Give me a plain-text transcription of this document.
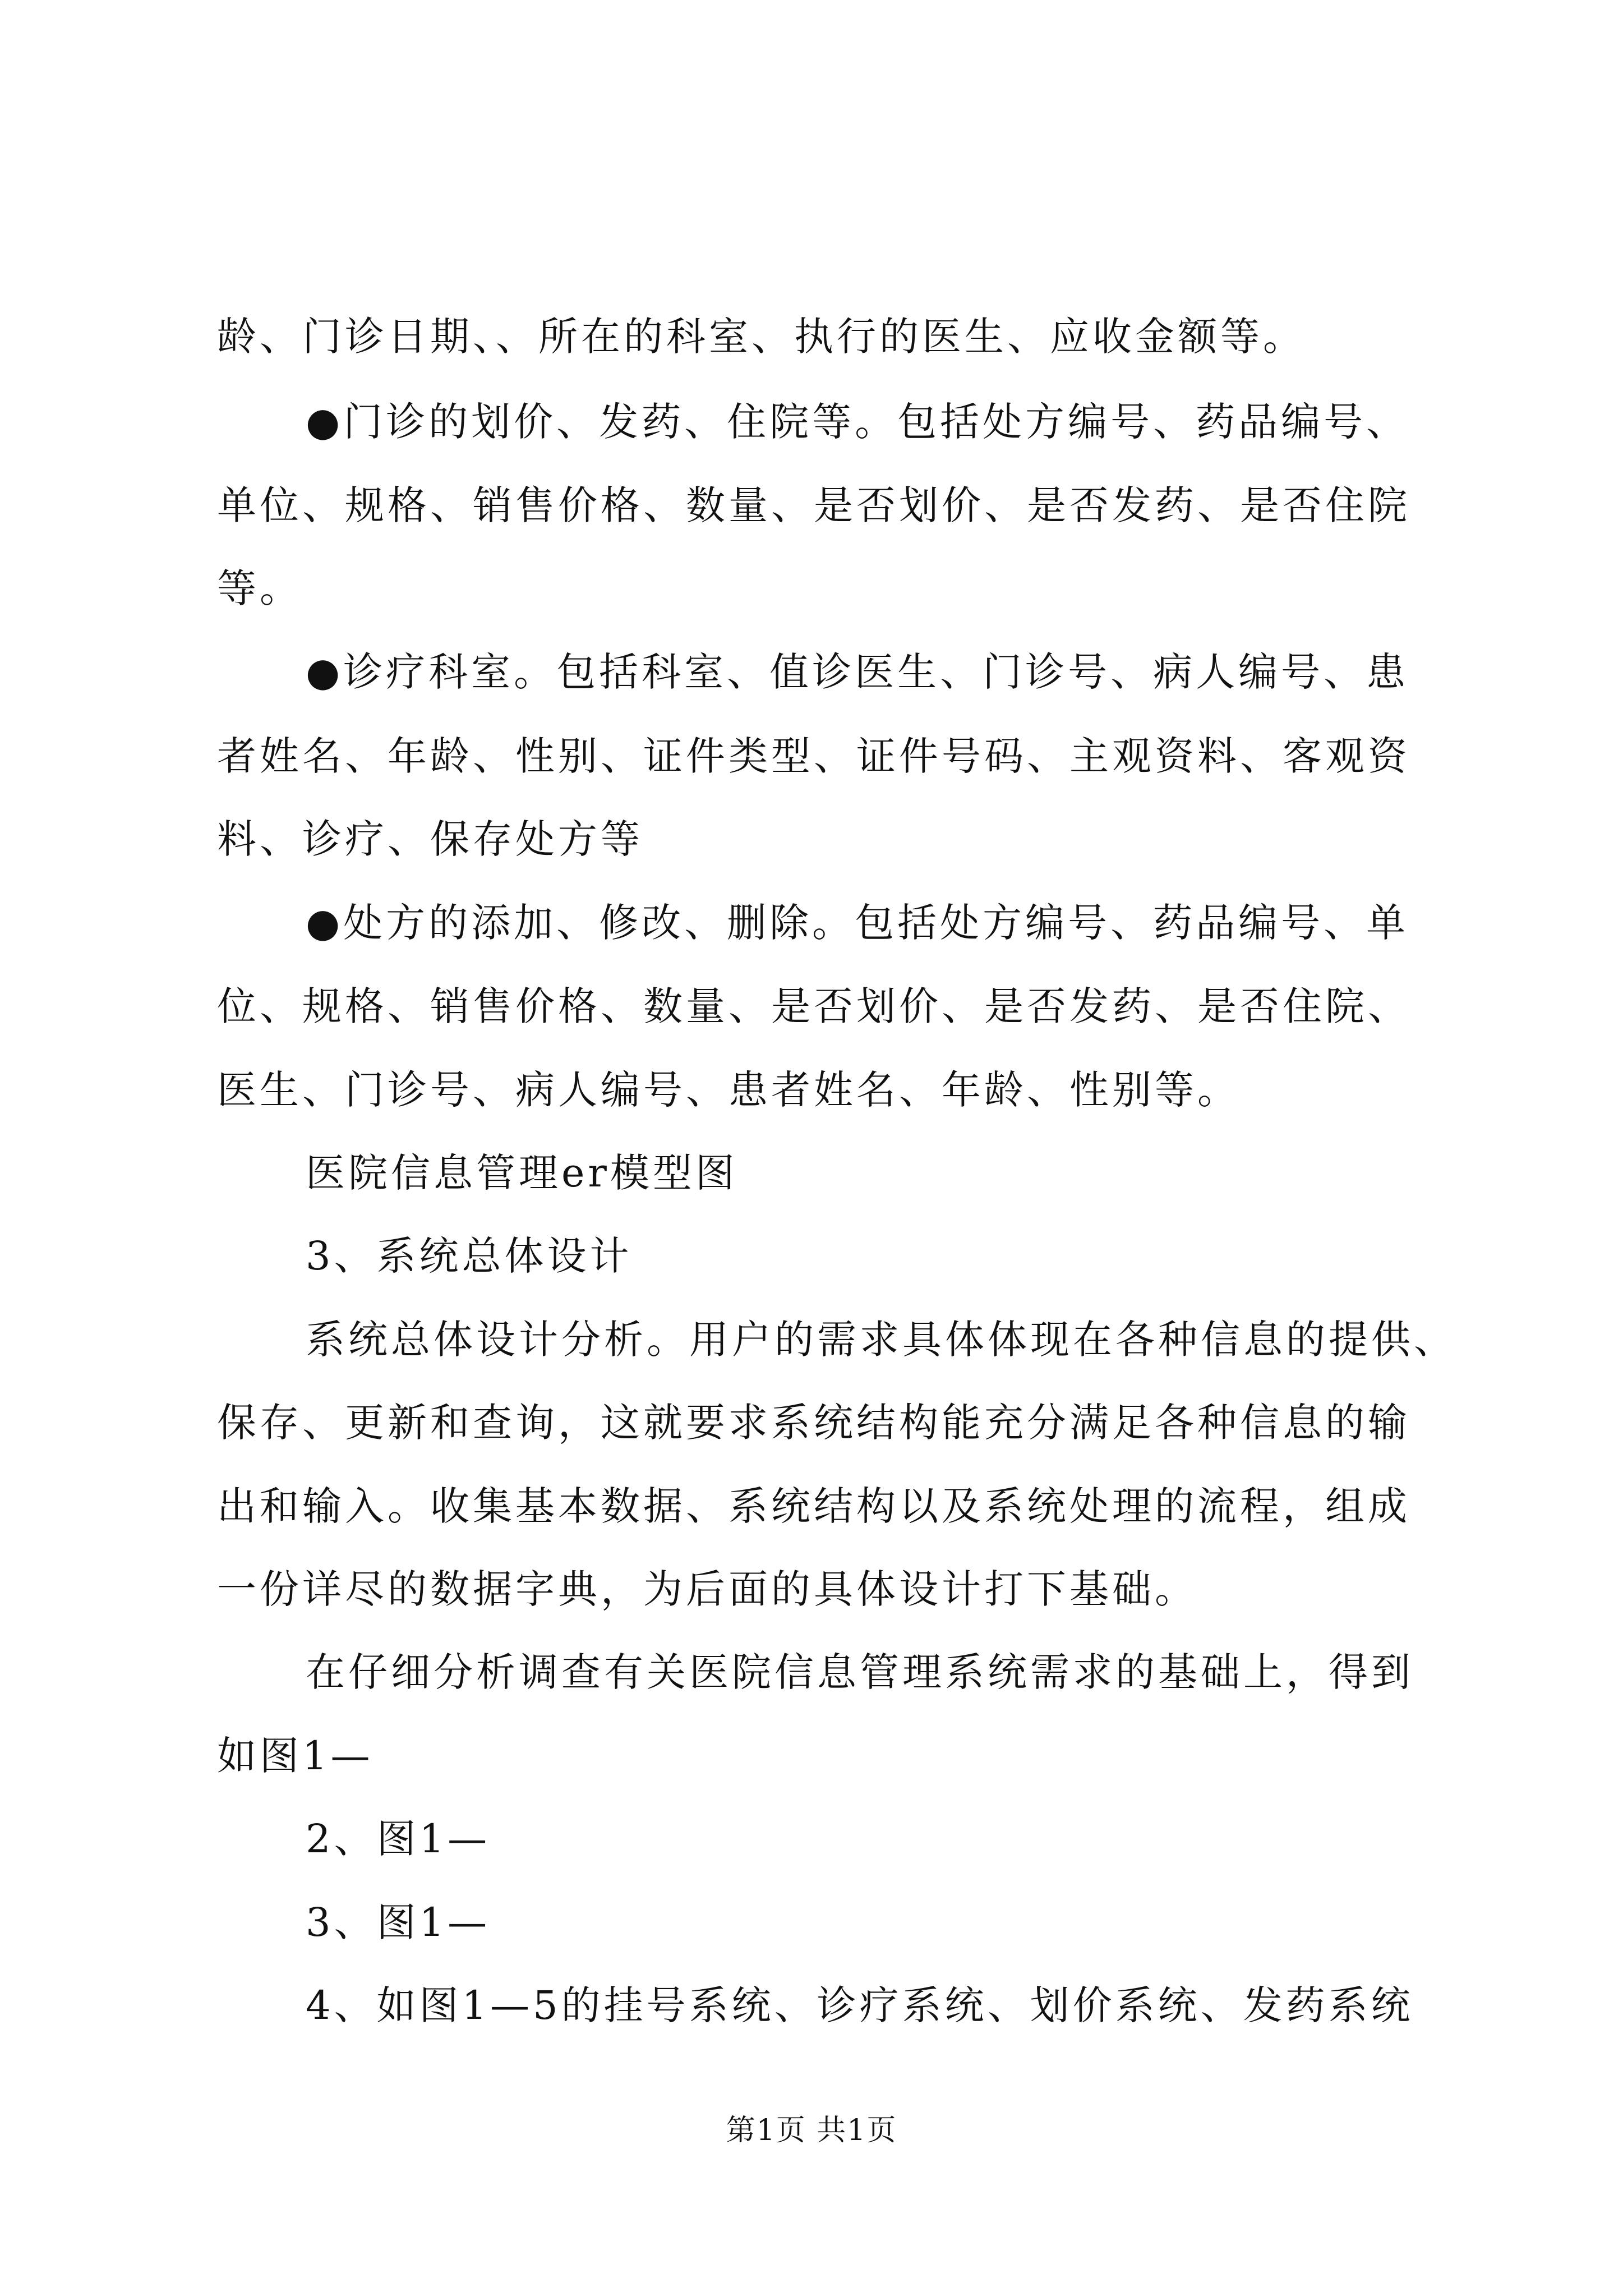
龄、门诊日期、、所在的科室、执行的医生、应收金额等。
●门诊的划价、发药、住院等。包括处方编号、药品编号、
单位、规格、销售价格、数量、是否划价、是否发药、是否住院
等。
●诊疗科室。包括科室、值诊医生、门诊号、病人编号、患
者姓名、年龄、性别、证件类型、证件号码、主观资料、客观资
料、诊疗、保存处方等
●处方的添加、修改、删除。包括处方编号、药品编号、单
位、规格、销售价格、数量、是否划价、是否发药、是否住院、
医生、门诊号、病人编号、患者姓名、年龄、性别等。
医院信息管理er模型图
3、系统总体设计
系统总体设计分析。用户的需求具体体现在各种信息的提供、
保存、更新和查询，这就要求系统结构能充分满足各种信息的输
出和输入。收集基本数据、系统结构以及系统处理的流程，组成
一份详尽的数据字典，为后面的具体设计打下基础。
在仔细分析调查有关医院信息管理系统需求的基础上，得到
如图1—
2、图1—
3、图1—
4、如图1—5的挂号系统、诊疗系统、划价系统、发药系统
第1页 共1页
